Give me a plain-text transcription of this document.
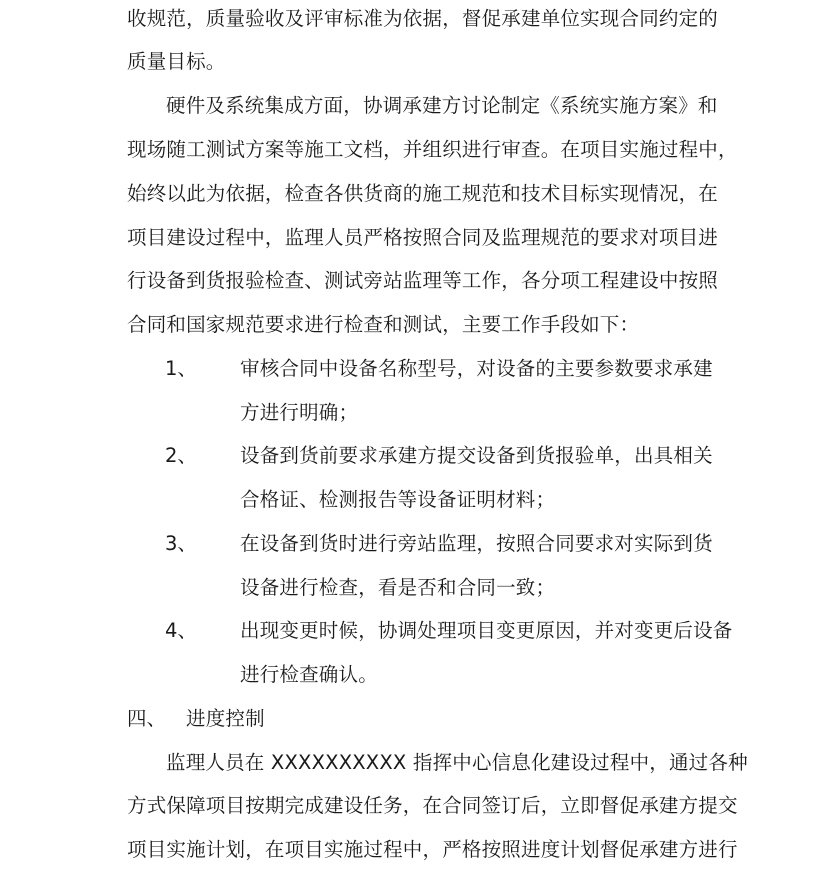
收规范，质量验收及评审标准为依据，督促承建单位实现合同约定的
质量目标。
硬件及系统集成方面，协调承建方讨论制定《系统实施方案》和
现场随工测试方案等施工文档，并组织进行审查。在项目实施过程中，
始终以此为依据，检查各供货商的施工规范和技术目标实现情况，在
项目建设过程中，监理人员严格按照合同及监理规范的要求对项目进
行设备到货报验检查、测试旁站监理等工作，各分项工程建设中按照
合同和国家规范要求进行检查和测试，主要工作手段如下：
1、 审核合同中设备名称型号，对设备的主要参数要求承建
方进行明确；
2、 设备到货前要求承建方提交设备到货报验单，出具相关
合格证、检测报告等设备证明材料；
3、 在设备到货时进行旁站监理，按照合同要求对实际到货
设备进行检查，看是否和合同一致；
4、 出现变更时候，协调处理项目变更原因，并对变更后设备
进行检查确认。
四、 进度控制
监理人员在 XXXXXXXXXX 指挥中心信息化建设过程中，通过各种
方式保障项目按期完成建设任务，在合同签订后，立即督促承建方提交
项目实施计划，在项目实施过程中，严格按照进度计划督促承建方进行
